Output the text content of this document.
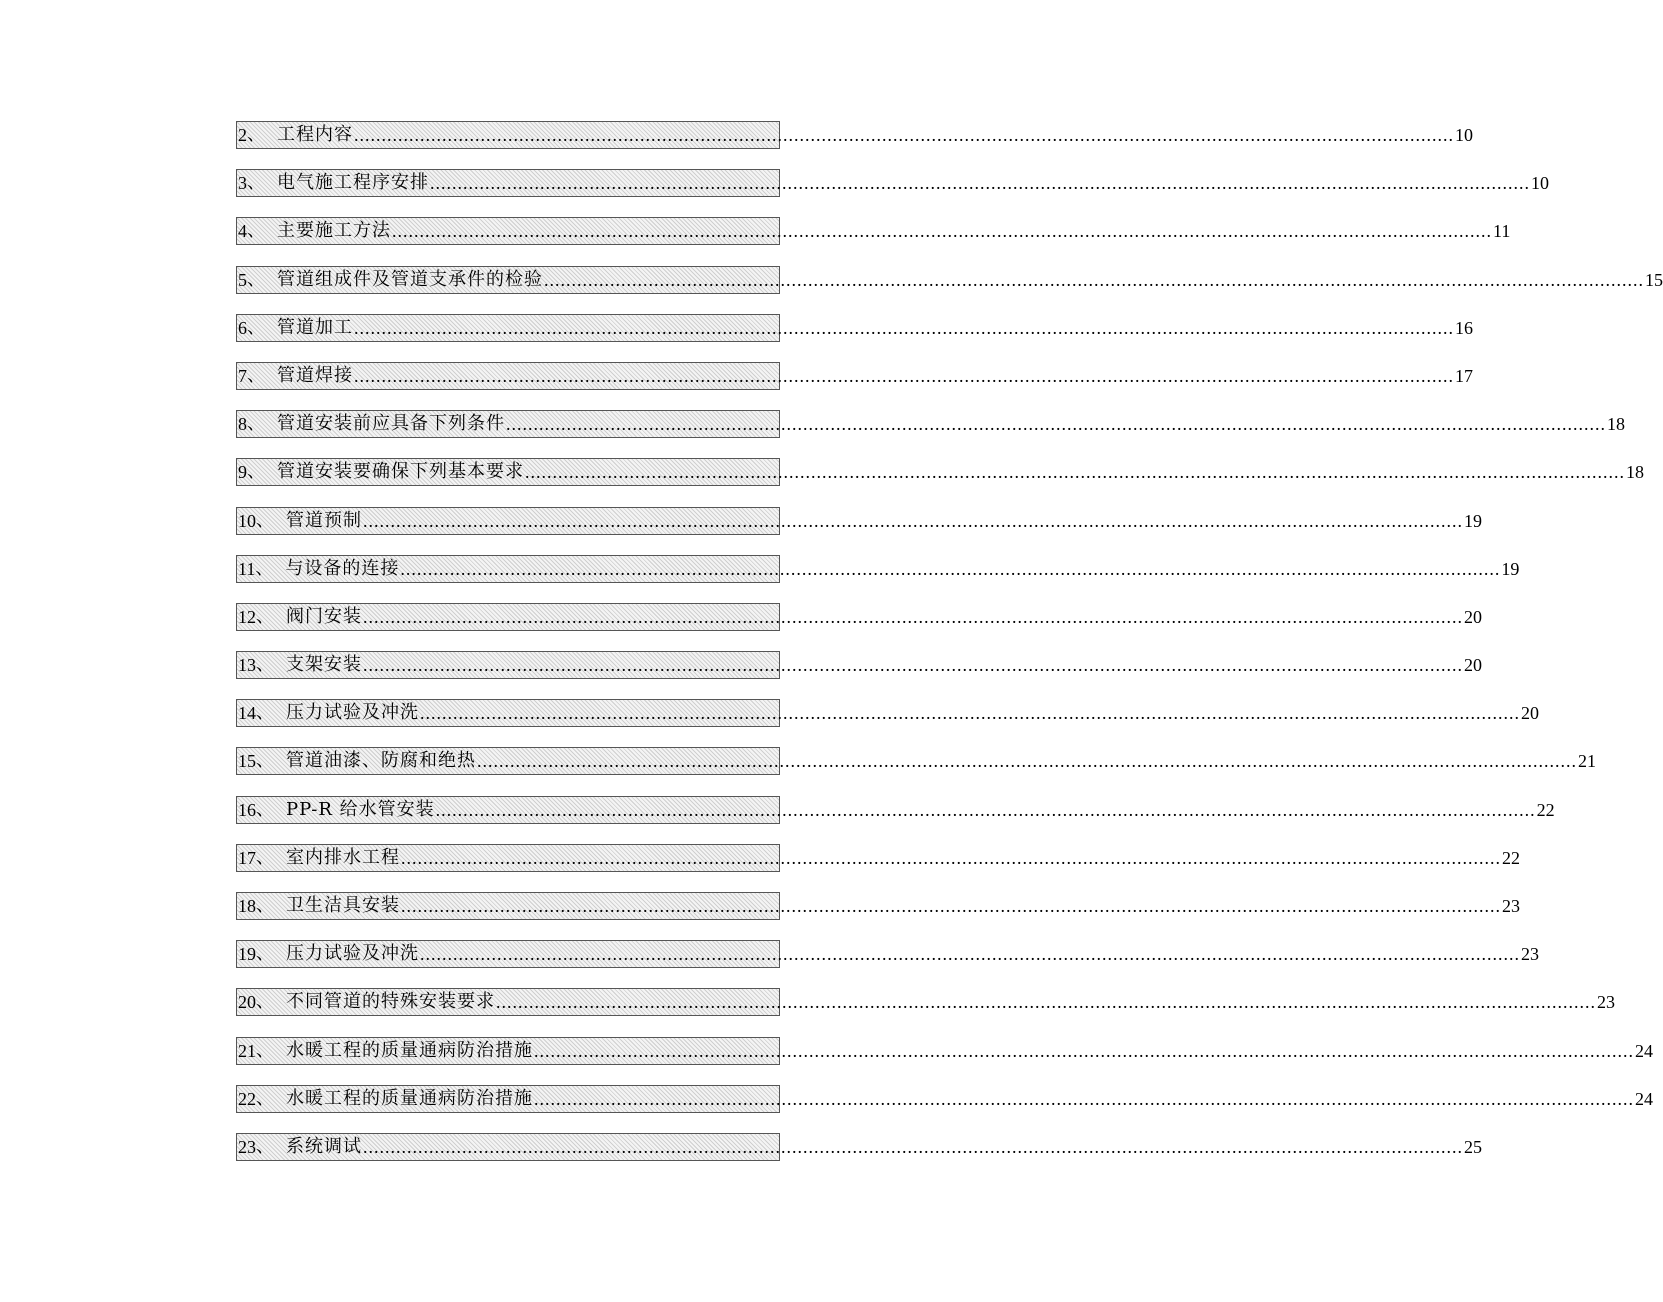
2 、 工程内容 ........................................................................................................................................................................................................ 10
3 、 电气施工程序安排 ........................................................................................................................................................................................................ 10
4 、 主要施工方法 ........................................................................................................................................................................................................ 11
5 、 管道组成件及管道支承件的检验 ........................................................................................................................................................................................................ 15
6 、 管道加工 ........................................................................................................................................................................................................ 16
7 、 管道焊接 ........................................................................................................................................................................................................ 17
8 、 管道安装前应具备下列条件 ........................................................................................................................................................................................................ 18
9 、 管道安装要确保下列基本要求 ........................................................................................................................................................................................................ 18
10 、 管道预制 ........................................................................................................................................................................................................ 19
11 、 与设备的连接 ........................................................................................................................................................................................................ 19
12 、 阀门安装 ........................................................................................................................................................................................................ 20
13 、 支架安装 ........................................................................................................................................................................................................ 20
14 、 压力试验及冲洗 ........................................................................................................................................................................................................ 20
15 、 管道油漆、防腐和绝热 ........................................................................................................................................................................................................ 21
16 、 PP-R 给水管安装 ........................................................................................................................................................................................................ 22
17 、 室内排水工程 ........................................................................................................................................................................................................ 22
18 、 卫生洁具安装 ........................................................................................................................................................................................................ 23
19 、 压力试验及冲洗 ........................................................................................................................................................................................................ 23
20 、 不同管道的特殊安装要求 ........................................................................................................................................................................................................ 23
21 、 水暖工程的质量通病防治措施 ........................................................................................................................................................................................................ 24
22 、 水暖工程的质量通病防治措施 ........................................................................................................................................................................................................ 24
23 、 系统调试 ........................................................................................................................................................................................................ 25
